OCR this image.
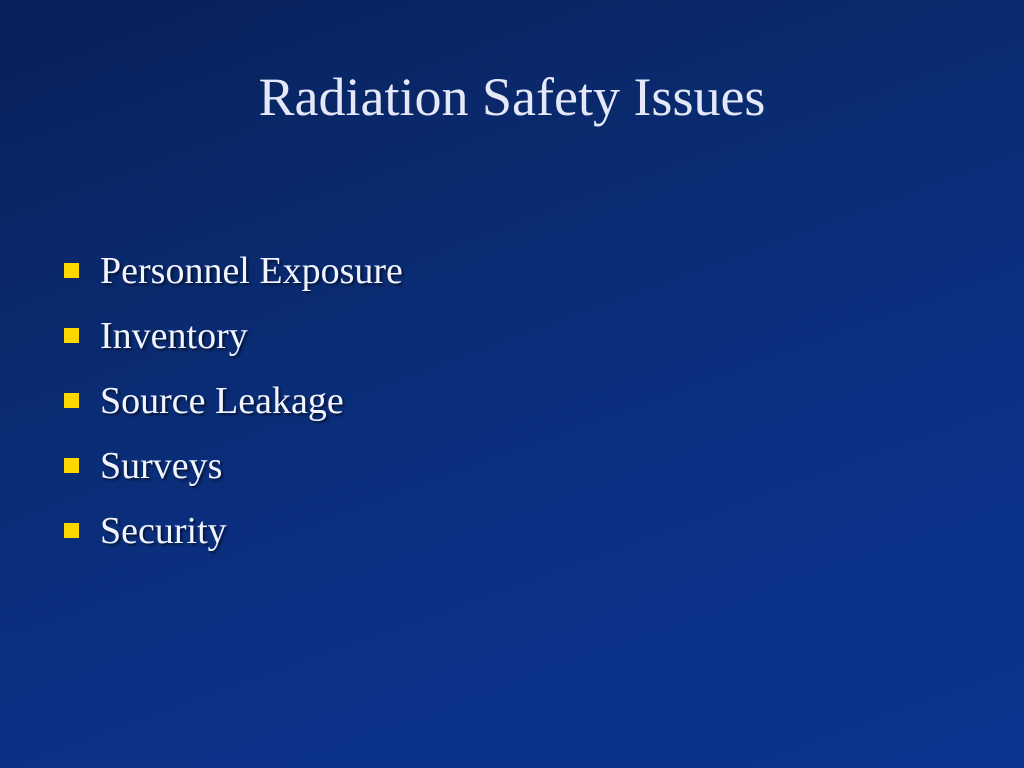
Radiation Safety Issues
Personnel Exposure
Inventory
Source Leakage
Surveys
Security
